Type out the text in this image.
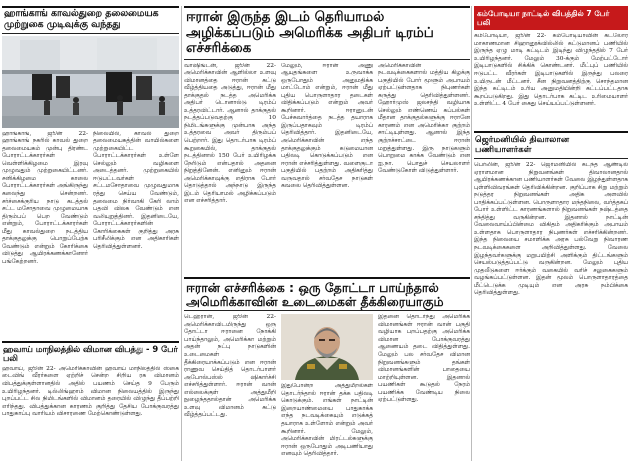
ஹாங்காங் காவல்துறை தலைமையக முற்றுகை முடிவுக்கு வந்தது
ஹாங்காங், ஜூன் 22- ஹாங்காங் நகரில் காவல் துறை தலைமையகம் முன்பு திரண்ட போராட்டக்காரர்கள் வெள்ளிக்கிழமை இரவு முழுவதும் முற்றுகையிட்டனர். சனிக்கிழமை காலை போராட்டக்காரர்கள் அங்கிருந்து கலைந்து சென்றனர். சர்ச்சைக்குரிய நாடு கடத்தல் சட்ட மசோதாவை முழுமையாக திரும்பப் பெற வேண்டும் என்றும், போராட்டக்காரர்கள் மீது காவல்துறை நடத்திய தாக்குதலுக்கு பொறுப்பேற்க வேண்டும் என்றும் கோரிக்கை விடுத்து ஆயிரக்கணக்கானோர் பங்கேற்றனர்.
நிலையில், காவல் துறை தலைமையகத்தின் வாயில்களை முற்றுகையிட்ட போராட்டக்காரர்கள் உள்ளே செல்லும் வழிகளை அடைத்தனர். முற்றுகையில் ஈடுபட்டவர்கள் சட்டமசோதாவை முழுவதுமாக ரத்து செய்ய வேண்டும், தலைமை நிர்வாகி கேரி லாம் பதவி விலக வேண்டும் என வலியுறுத்தினர். இதனிடையே, போராட்டக்காரர்களின் கோரிக்கைகள் குறித்து அரசு பரிசீலிக்கும் என அதிகாரிகள் தெரிவித்துள்ளனர்.
ஹவாய் மாநிலத்தில் விமான விபத்து - 9 பேர் பலி
ஹவாய், ஜூன் 22- அமெரிக்காவின் ஹவாய் மாநிலத்தில் ஸ்கை டைவிங் வீரர்களை ஏற்றிச் சென்ற சிறிய ரக விமானம் விபத்துக்குள்ளானதில் அதில் பயணம் செய்த 9 பேரும் உயிரிழந்தனர். டில்லிங்ஹாம் விமான நிலையத்தில் இருந்து புறப்பட்ட சில நிமிடங்களில் விமானம் தரையில் விழுந்து தீப்பற்றி எரிந்தது. விபத்துக்கான காரணம் குறித்து தேசிய போக்குவரத்து பாதுகாப்பு வாரியம் விசாரணை மேற்கொண்டுள்ளது.
ஈரான் இருந்த இடம் தெரியாமல் அழிக்கப்படும் அமெரிக்க அதிபர் டிரம்ப் எச்சரிக்கை
வாஷிங்டன், ஜூன் 22- அமெரிக்காவின் ஆளில்லா உளவு விமானத்தை ஈரான் சுட்டு வீழ்த்தியதை அடுத்து, ஈரான் மீது தாக்குதல் நடத்த அமெரிக்க அதிபர் டொனால்டு டிரம்ப் உத்தரவிட்டார். ஆனால் தாக்குதல் நடத்தப்படுவதற்கு 10 நிமிடங்களுக்கு முன்பாக அந்த உத்தரவை அவர் திரும்பப் பெற்றார். இது தொடர்பாக டிரம்ப் கூறுகையில், தாக்குதல் நடத்தினால் 150 பேர் உயிரிழக்க நேரிடும் என்பதால் அதனை நிறுத்தினேன். எனினும் ஈரான் அமெரிக்காவுக்கு எதிராக போர் தொடுத்தால் அந்நாடு இருந்த இடம் தெரியாமல் அழிக்கப்படும் என எச்சரித்தார்.
மேலும், ஈரான் அணு ஆயுதங்களை உருவாக்க ஒருபோதும் அனுமதிக்க மாட்டோம் என்றும், ஈரான் மீது புதிய பொருளாதார தடைகள் விதிக்கப்படும் என்றும் அவர் கூறினார். ஈரானுடன் பேச்சுவார்த்தை நடத்த தயாராக இருப்பதாகவும் டிரம்ப் தெரிவித்தார். இதனிடையே, அமெரிக்காவின் எந்த தாக்குதலுக்கும் கடுமையான பதிலடி கொடுக்கப்படும் என ஈரான் எச்சரித்துள்ளது. வளைகுடா பகுதியில் பதற்றம் அதிகரித்து வருவதால் சர்வதேச நாடுகள் கவலை தெரிவித்துள்ளன.
அமெரிக்காவின் நடவடிக்கைகளால் மத்திய கிழக்கு பகுதியில் போர் மூளும் அபாயம் ஏற்பட்டுள்ளதாக நிபுணர்கள் கருத்து தெரிவித்துள்ளனர். ஹோர்முஸ் ஜலசந்தி வழியாக செல்லும் எண்ணெய் கப்பல்கள் மீதான தாக்குதல்களுக்கு ஈரானே காரணம் என அமெரிக்கா குற்றம் சாட்டியுள்ளது. ஆனால் இந்த குற்றச்சாட்டை ஈரான் மறுத்துள்ளது. இரு நாடுகளும் பொறுமை காக்க வேண்டும் என ஐ.நா. பொதுச் செயலாளர் வேண்டுகோள் விடுத்துள்ளார்.
ஈரான் எச்சரிக்கை : ஒரு தோட்டா பாய்ந்தால் அமெரிக்காவின் உடைமைகள் தீக்கிரையாகும்
டெஹ்ரான், ஜூன் 22- அமெரிக்காவிடமிருந்து ஒரு தோட்டா ஈரானை நோக்கி பாய்ந்தாலும், அமெரிக்கா மற்றும் அதன் நட்பு நாடுகளின் உடைமைகள் தீக்கிரையாக்கப்படும் என ஈரான் ராணுவ செய்தித் தொடர்பாளர் அபோல்பஸ்ல் ஷிகார்ச்சி எச்சரித்துள்ளார். ஈரான் வான் எல்லைக்குள் அத்துமீறி நுழைந்ததால்தான் அமெரிக்க உளவு விமானம் சுட்டு வீழ்த்தப்பட்டது.
இதுபோன்ற அத்துமீறல்கள் தொடர்ந்தால் ஈரான் தக்க பதிலடி கொடுக்கும். எங்கள் நாட்டின் இறையாண்மையை பாதுகாக்க எந்த நடவடிக்கையும் எடுக்கத் தயாராக உள்ளோம் என்றும் அவர் கூறினார். மேலும், அமெரிக்காவின் மிரட்டல்களுக்கு ஈரான் ஒருபோதும் அடிபணியாது எனவும் தெரிவித்தார்.
இதனை தொடர்ந்து அமெரிக்க விமானங்கள் ஈரான் வான் பகுதி வழியாக பறப்பதற்கு அமெரிக்க விமான போக்குவரத்து ஆணையம் தடை விதித்துள்ளது. மேலும் பல சர்வதேச விமான நிறுவனங்களும் தங்கள் விமானங்களின் பாதையை மாற்றியுள்ளன. இதனால் பயணிகள் கூடுதல் நேரம் பயணிக்க வேண்டிய நிலை ஏற்பட்டுள்ளது.
கம்போடியா நாட்டில் விபத்தில் 7 பேர் பலி
கம்போடியா, ஜூன் 22- கம்போடியாவின் கடலோர மாகாணமான சிஹானூக்வில்லில் கட்டுமானப் பணியில் இருந்த ஏழு மாடி கட்டிடம் இடிந்து விழுந்ததில் 7 பேர் உயிரிழந்தனர். மேலும் 30-க்கும் மேற்பட்டோர் இடிபாடுகளில் சிக்கிக் கொண்டனர். மீட்புப் பணியில் ஈடுபட்ட வீரர்கள் இடிபாடுகளில் இருந்து பலரை உயிருடன் மீட்டனர். சீன நிறுவனத்திற்கு சொந்தமான இந்த கட்டிடம் உரிய அனுமதியின்றி கட்டப்பட்டதாக கூறப்படுகிறது. இது தொடர்பாக கட்டிட உரிமையாளர் உள்ளிட்ட 4 பேர் கைது செய்யப்பட்டுள்ளனர்.
ஜெர்மனியில் திவாலான பணியாளர்கள்
பெர்லின், ஜூன் 22- ஜெர்மனியில் கடந்த ஆண்டில் ஏராளமான நிறுவனங்கள் திவாலானதால் ஆயிரக்கணக்கான பணியாளர்கள் வேலை இழந்துள்ளதாக புள்ளிவிவரங்கள் தெரிவிக்கின்றன. குறிப்பாக சிறு மற்றும் நடுத்தர நிறுவனங்கள் அதிக அளவில் பாதிக்கப்பட்டுள்ளன. பொருளாதார மந்தநிலை, வர்த்தகப் போர் உள்ளிட்ட காரணங்களால் நிறுவனங்கள் நஷ்டத்தை சந்தித்து வருகின்றன. இதனால் நாட்டின் வேலைவாய்ப்பின்மை விகிதம் அதிகரிக்கும் அபாயம் உள்ளதாக பொருளாதார நிபுணர்கள் எச்சரிக்கின்றனர். இந்த நிலையை சமாளிக்க அரசு பல்வேறு நிவாரண நடவடிக்கைகளை அறிவித்துள்ளது. வேலை இழந்தவர்களுக்கு மறுபயிற்சி அளிக்கும் திட்டங்களும் செயல்படுத்தப்பட்டு வருகின்றன. மேலும் புதிய முதலீடுகளை ஈர்க்கும் வகையில் வரிச் சலுகைகளும் வழங்கப்பட்டுள்ளன. இதன் மூலம் பொருளாதாரத்தை மீட்டெடுக்க முடியும் என அரசு நம்பிக்கை தெரிவித்துள்ளது.
